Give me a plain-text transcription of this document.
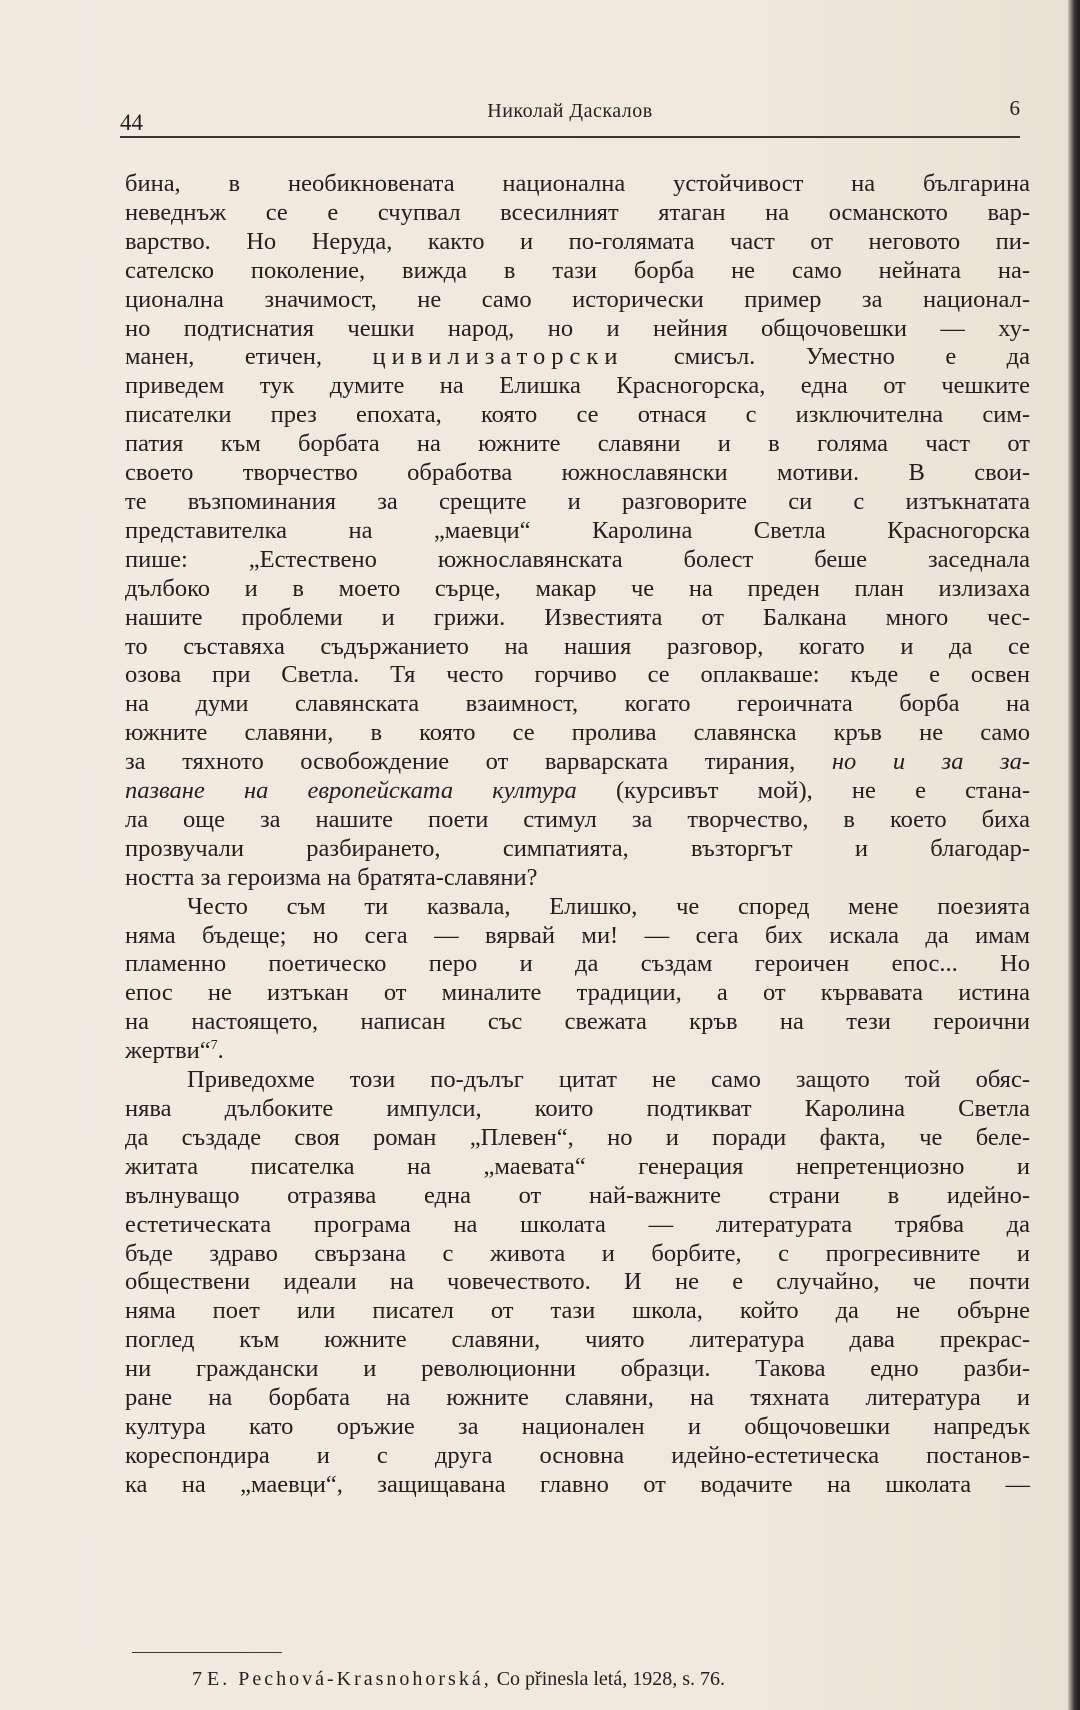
44	Николай Даскалов	6
бина, в необикновената национална устойчивост на българина
неведнъж се е счупвал всесилният ятаган на османското вар-
варство. Но Неруда, както и по-голямата част от неговото пи-
сателско поколение, вижда в тази борба не само нейната на-
ционална значимост, не само исторически пример за национал-
но подтиснатия чешки народ, но и нейния общочовешки — ху-
манен, етичен, цивилизаторски смисъл. Уместно е да
приведем тук думите на Елишка Красногорска, една от чешките
писателки през епохата, която се отнася с изключителна сим-
патия към борбата на южните славяни и в голяма част от
своето творчество обработва южнославянски мотиви. В свои-
те възпоминания за срещите и разговорите си с изтъкнатата
представителка на „маевци“ Каролина Светла Красногорска
пише: „Естествено южнославянската болест беше заседнала
дълбоко и в моето сърце, макар че на преден план излизаха
нашите проблеми и грижи. Известията от Балкана много чес-
то съставяха съдържанието на нашия разговор, когато и да се
озова при Светла. Тя често горчиво се оплакваше: къде е освен
на думи славянската взаимност, когато героичната борба на
южните славяни, в която се пролива славянска кръв не само
за тяхното освобождение от варварската тирания, но и за за-
пазване на европейската култура (курсивът мой), не е стана-
ла още за нашите поети стимул за творчество, в което биха
прозвучали разбирането, симпатията, възторгът и благодар-
ността за героизма на братята-славяни?
Често съм ти казвала, Елишко, че според мене поезията
няма бъдеще; но сега — вярвай ми! — сега бих искала да имам
пламенно поетическо перо и да създам героичен епос... Но
епос не изтъкан от миналите традиции, а от кървавата истина
на настоящето, написан със свежата кръв на тези героични
жертви“$^7$.
Приведохме този по-дълъг цитат не само защото той обяс-
нява дълбоките импулси, които подтикват Каролина Светла
да създаде своя роман „Плевен“, но и поради факта, че беле-
житата писателка на „маевата“ генерация непретенциозно и
вълнуващо отразява една от най-важните страни в идейно-
естетическата програма на школата — литературата трябва да
бъде здраво свързана с живота и борбите, с прогресивните и
обществени идеали на човечеството. И не е случайно, че почти
няма поет или писател от тази школа, който да не обърне
поглед към южните славяни, чиято литература дава прекрас-
ни граждански и революционни образци. Такова едно разби-
ране на борбата на южните славяни, на тяхната литература и
култура като оръжие за национален и общочовешки напредък
кореспондира и с друга основна идейно-естетическа постанов-
ка на „маевци“, защищавана главно от водачите на школата —
7 E. Pechová-Krasnohorská, Co přinesla letá, 1928, s. 76.
